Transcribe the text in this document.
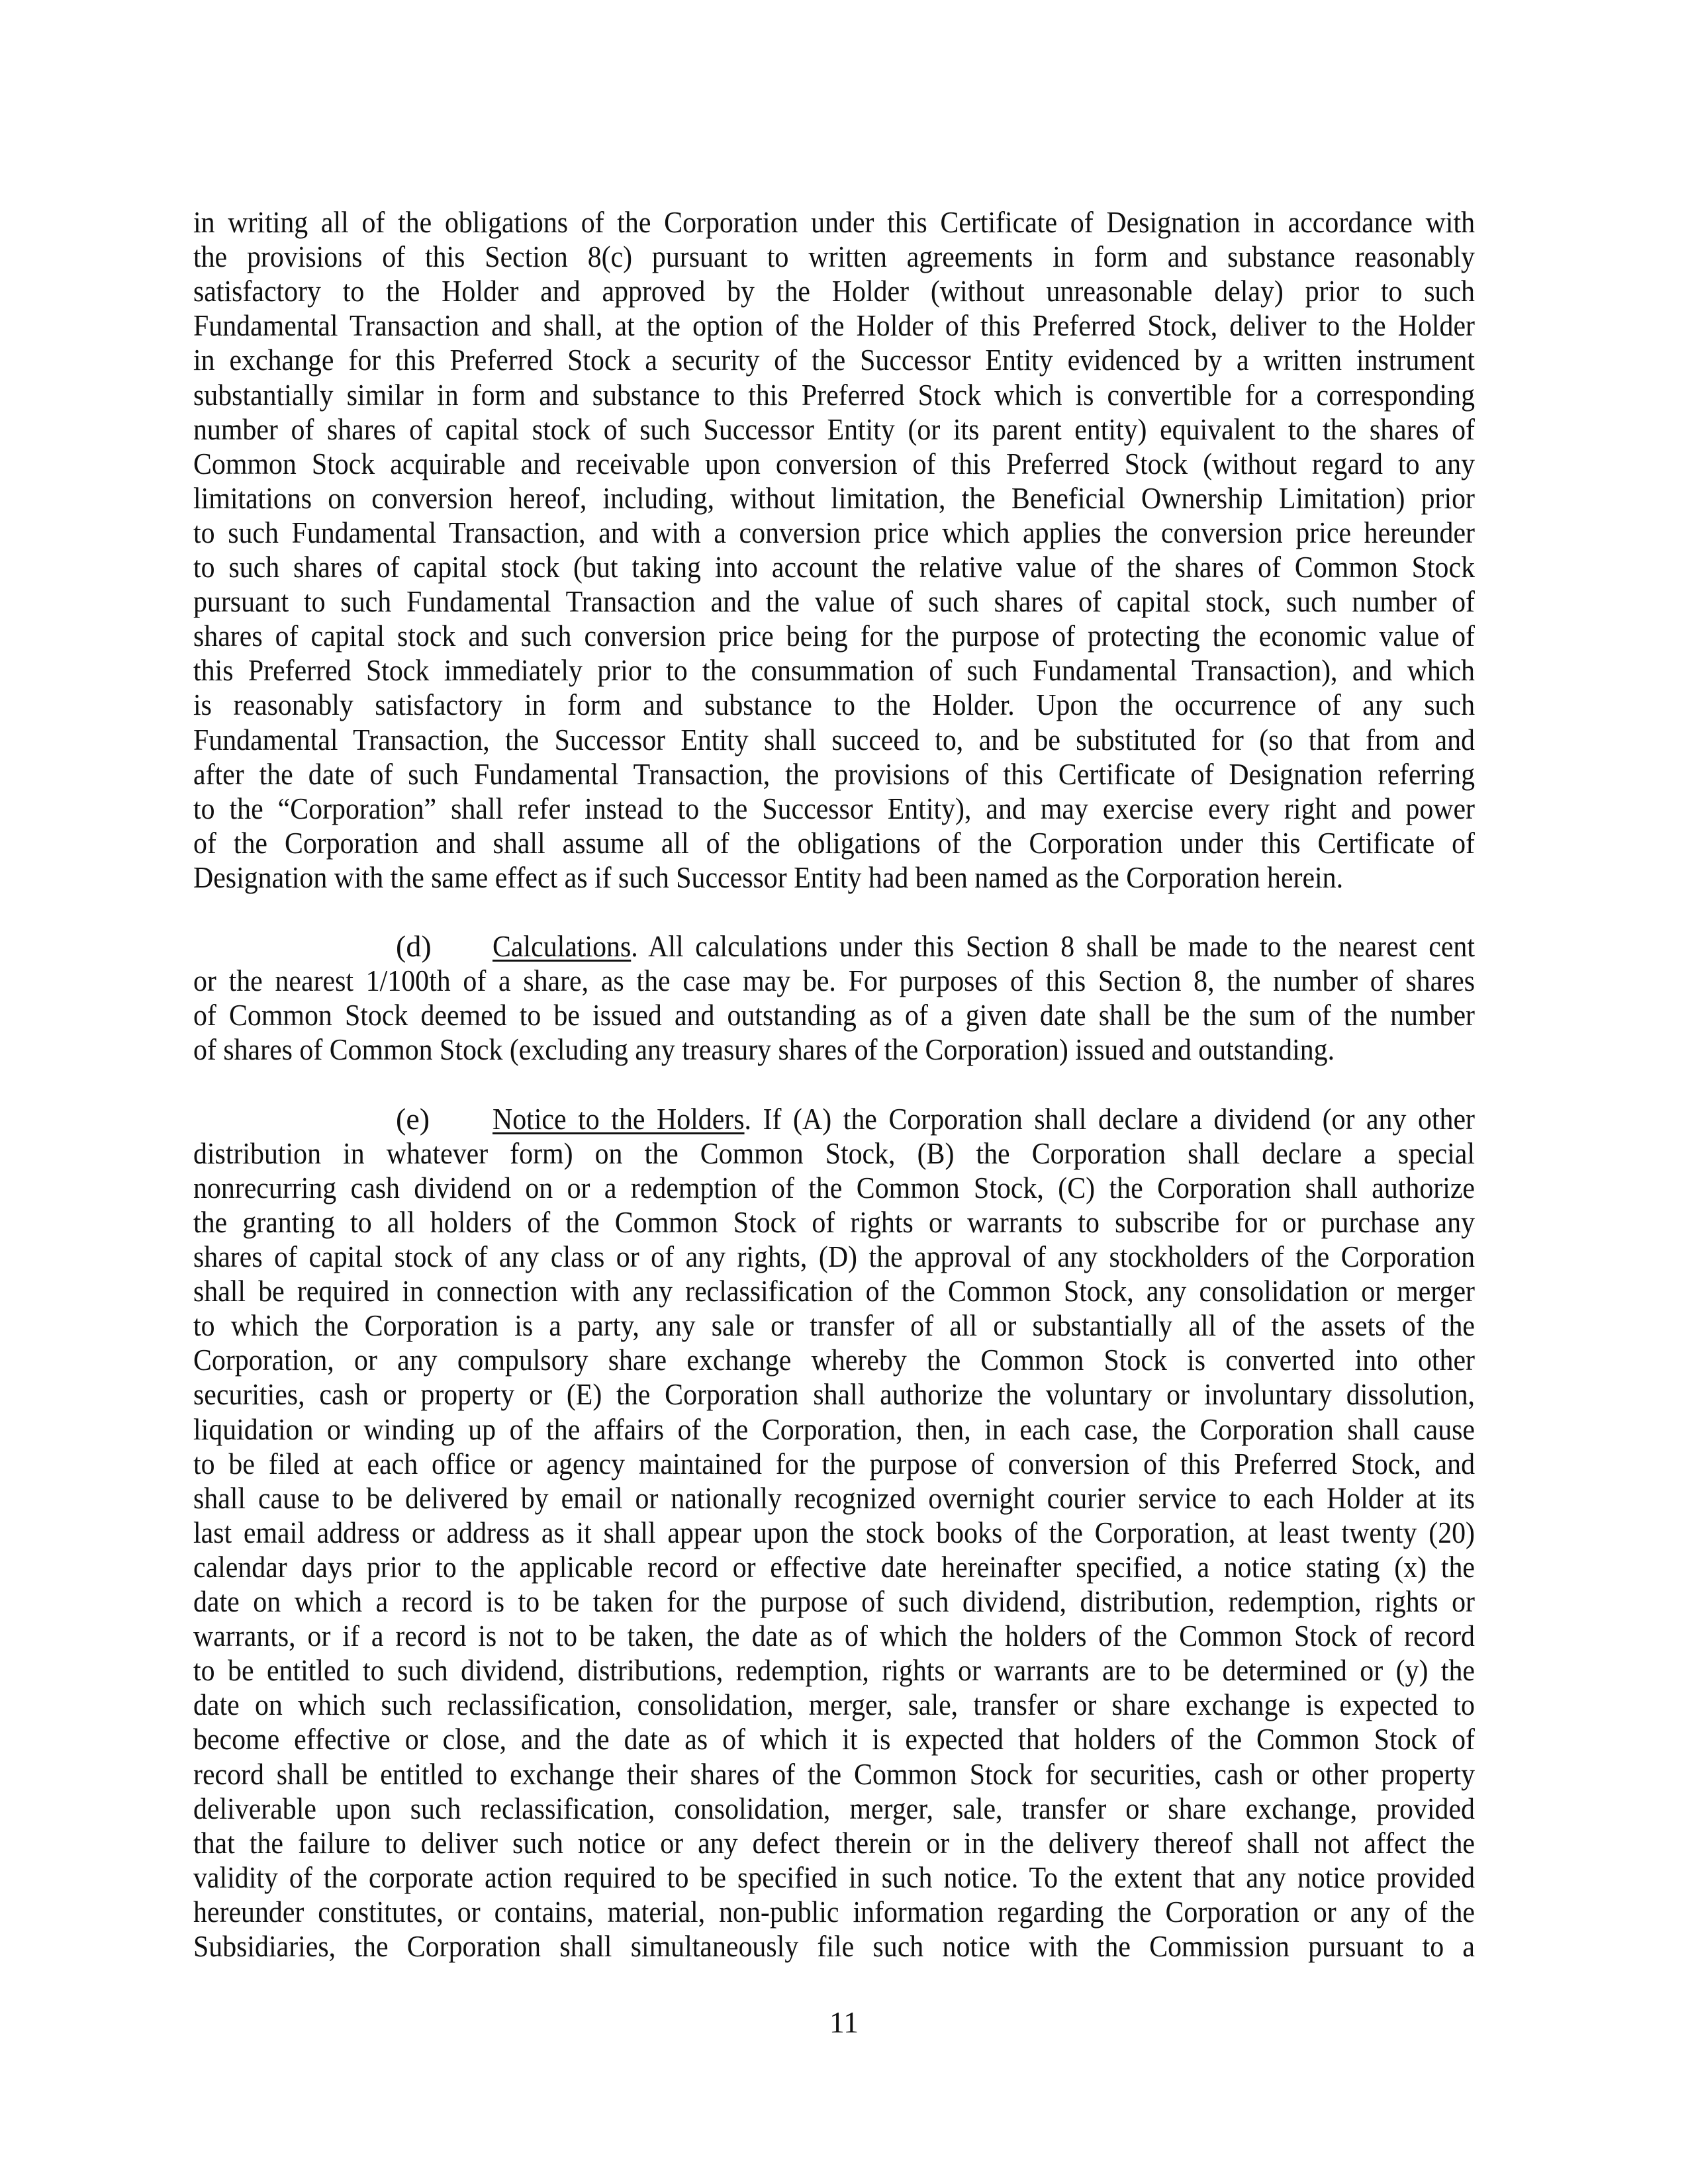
in writing all of the obligations of the Corporation under this Certificate of Designation in accordance with
the provisions of this Section 8(c) pursuant to written agreements in form and substance reasonably
satisfactory to the Holder and approved by the Holder (without unreasonable delay) prior to such
Fundamental Transaction and shall, at the option of the Holder of this Preferred Stock, deliver to the Holder
in exchange for this Preferred Stock a security of the Successor Entity evidenced by a written instrument
substantially similar in form and substance to this Preferred Stock which is convertible for a corresponding
number of shares of capital stock of such Successor Entity (or its parent entity) equivalent to the shares of
Common Stock acquirable and receivable upon conversion of this Preferred Stock (without regard to any
limitations on conversion hereof, including, without limitation, the Beneficial Ownership Limitation) prior
to such Fundamental Transaction, and with a conversion price which applies the conversion price hereunder
to such shares of capital stock (but taking into account the relative value of the shares of Common Stock
pursuant to such Fundamental Transaction and the value of such shares of capital stock, such number of
shares of capital stock and such conversion price being for the purpose of protecting the economic value of
this Preferred Stock immediately prior to the consummation of such Fundamental Transaction), and which
is reasonably satisfactory in form and substance to the Holder. Upon the occurrence of any such
Fundamental Transaction, the Successor Entity shall succeed to, and be substituted for (so that from and
after the date of such Fundamental Transaction, the provisions of this Certificate of Designation referring
to the “Corporation” shall refer instead to the Successor Entity), and may exercise every right and power
of the Corporation and shall assume all of the obligations of the Corporation under this Certificate of
Designation with the same effect as if such Successor Entity had been named as the Corporation herein.
(d) Calculations. All calculations under this Section 8 shall be made to the nearest cent
or the nearest 1/100th of a share, as the case may be. For purposes of this Section 8, the number of shares
of Common Stock deemed to be issued and outstanding as of a given date shall be the sum of the number
of shares of Common Stock (excluding any treasury shares of the Corporation) issued and outstanding.
(e) Notice to the Holders. If (A) the Corporation shall declare a dividend (or any other
distribution in whatever form) on the Common Stock, (B) the Corporation shall declare a special
nonrecurring cash dividend on or a redemption of the Common Stock, (C) the Corporation shall authorize
the granting to all holders of the Common Stock of rights or warrants to subscribe for or purchase any
shares of capital stock of any class or of any rights, (D) the approval of any stockholders of the Corporation
shall be required in connection with any reclassification of the Common Stock, any consolidation or merger
to which the Corporation is a party, any sale or transfer of all or substantially all of the assets of the
Corporation, or any compulsory share exchange whereby the Common Stock is converted into other
securities, cash or property or (E) the Corporation shall authorize the voluntary or involuntary dissolution,
liquidation or winding up of the affairs of the Corporation, then, in each case, the Corporation shall cause
to be filed at each office or agency maintained for the purpose of conversion of this Preferred Stock, and
shall cause to be delivered by email or nationally recognized overnight courier service to each Holder at its
last email address or address as it shall appear upon the stock books of the Corporation, at least twenty (20)
calendar days prior to the applicable record or effective date hereinafter specified, a notice stating (x) the
date on which a record is to be taken for the purpose of such dividend, distribution, redemption, rights or
warrants, or if a record is not to be taken, the date as of which the holders of the Common Stock of record
to be entitled to such dividend, distributions, redemption, rights or warrants are to be determined or (y) the
date on which such reclassification, consolidation, merger, sale, transfer or share exchange is expected to
become effective or close, and the date as of which it is expected that holders of the Common Stock of
record shall be entitled to exchange their shares of the Common Stock for securities, cash or other property
deliverable upon such reclassification, consolidation, merger, sale, transfer or share exchange, provided
that the failure to deliver such notice or any defect therein or in the delivery thereof shall not affect the
validity of the corporate action required to be specified in such notice. To the extent that any notice provided
hereunder constitutes, or contains, material, non-public information regarding the Corporation or any of the
Subsidiaries, the Corporation shall simultaneously file such notice with the Commission pursuant to a
11
